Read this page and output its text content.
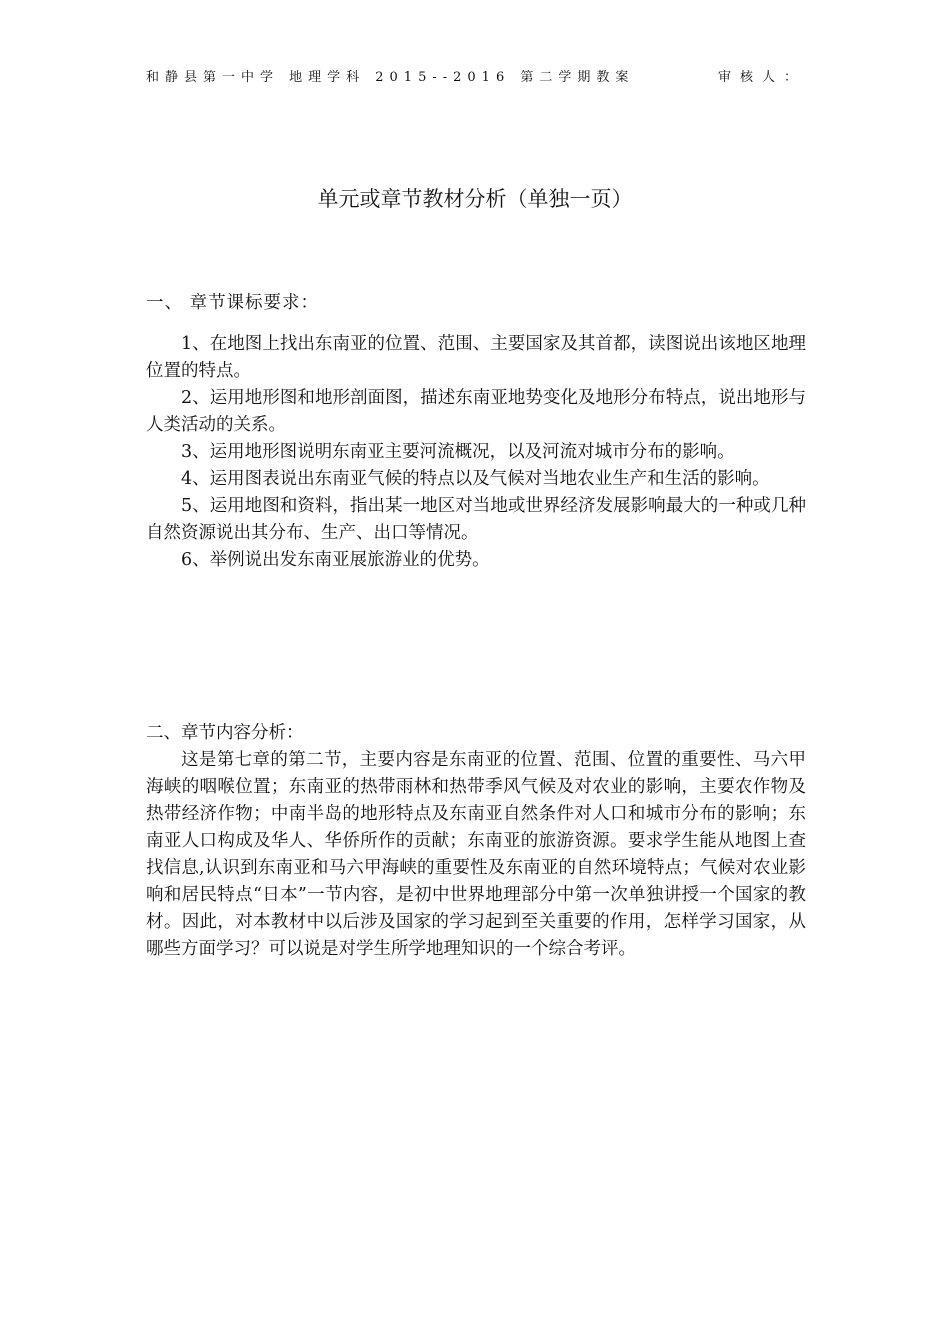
和静县第一中学 地理学科 2015--2016 第二学期教案	审核人：
单元或章节教材分析（单独一页）

一、 章节课标要求：

1、在地图上找出东南亚的位置、范围、主要国家及其首都，读图说出该地区地理位置的特点。

2、运用地形图和地形剖面图，描述东南亚地势变化及地形分布特点，说出地形与人类活动的关系。

3、运用地形图说明东南亚主要河流概况，以及河流对城市分布的影响。

4、运用图表说出东南亚气候的特点以及气候对当地农业生产和生活的影响。

5、运用地图和资料，指出某一地区对当地或世界经济发展影响最大的一种或几种自然资源说出其分布、生产、出口等情况。

6、举例说出发东南亚展旅游业的优势。

二、章节内容分析：

这是第七章的第二节，主要内容是东南亚的位置、范围、位置的重要性、马六甲海峡的咽喉位置；东南亚的热带雨林和热带季风气候及对农业的影响，主要农作物及热带经济作物；中南半岛的地形特点及东南亚自然条件对人口和城市分布的影响；东南亚人口构成及华人、华侨所作的贡献；东南亚的旅游资源。要求学生能从地图上查找信息,认识到东南亚和马六甲海峡的重要性及东南亚的自然环境特点；气候对农业影响和居民特点“日本”一节内容，是初中世界地理部分中第一次单独讲授一个国家的教材。因此，对本教材中以后涉及国家的学习起到至关重要的作用，怎样学习国家，从哪些方面学习？可以说是对学生所学地理知识的一个综合考评。
